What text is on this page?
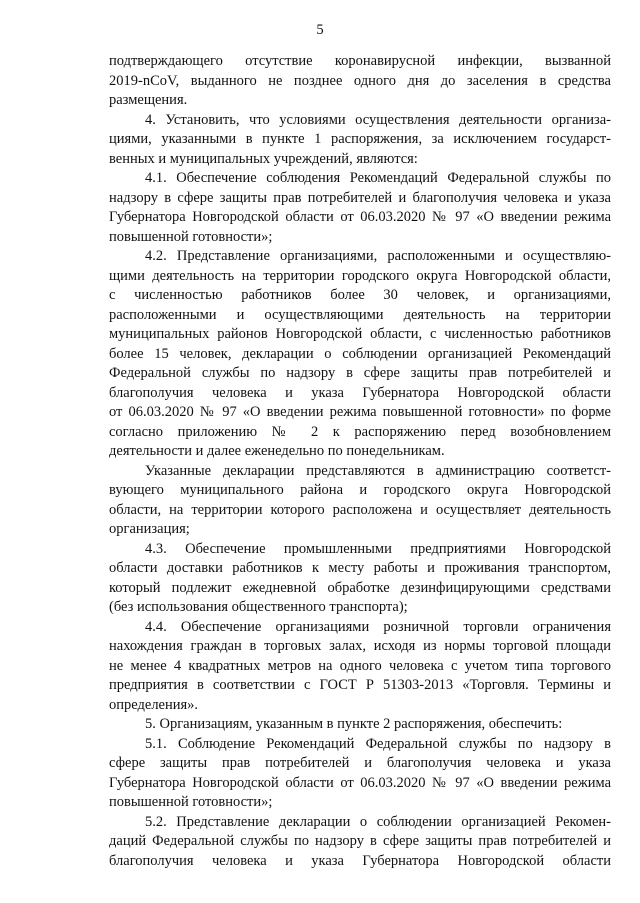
5
подтверждающего отсутствие коронавирусной инфекции, вызванной
2019-nCoV, выданного не позднее одного дня до заселения в средства
размещения.
4. Установить, что условиями осуществления деятельности организа-
циями, указанными в пункте 1 распоряжения, за исключением государст-
венных и муниципальных учреждений, являются:
4.1. Обеспечение соблюдения Рекомендаций Федеральной службы по
надзору в сфере защиты прав потребителей и благополучия человека и указа
Губернатора Новгородской области от 06.03.2020 № 97 «О введении режима
повышенной готовности»;
4.2. Представление организациями, расположенными и осуществляю-
щими деятельность на территории городского округа Новгородской области,
с численностью работников более 30 человек, и организациями,
расположенными и осуществляющими деятельность на территории
муниципальных районов Новгородской области, с численностью работников
более 15 человек, декларации о соблюдении организацией Рекомендаций
Федеральной службы по надзору в сфере защиты прав потребителей и
благополучия человека и указа Губернатора Новгородской области
от 06.03.2020 № 97 «О введении режима повышенной готовности» по форме
согласно приложению № 2 к распоряжению перед возобновлением
деятельности и далее еженедельно по понедельникам.
Указанные декларации представляются в администрацию соответст-
вующего муниципального района и городского округа Новгородской
области, на территории которого расположена и осуществляет деятельность
организация;
4.3. Обеспечение промышленными предприятиями Новгородской
области доставки работников к месту работы и проживания транспортом,
который подлежит ежедневной обработке дезинфицирующими средствами
(без использования общественного транспорта);
4.4. Обеспечение организациями розничной торговли ограничения
нахождения граждан в торговых залах, исходя из нормы торговой площади
не менее 4 квадратных метров на одного человека с учетом типа торгового
предприятия в соответствии с ГОСТ Р 51303-2013 «Торговля. Термины и
определения».
5. Организациям, указанным в пункте 2 распоряжения, обеспечить:
5.1. Соблюдение Рекомендаций Федеральной службы по надзору в
сфере защиты прав потребителей и благополучия человека и указа
Губернатора Новгородской области от 06.03.2020 № 97 «О введении режима
повышенной готовности»;
5.2. Представление декларации о соблюдении организацией Рекомен-
даций Федеральной службы по надзору в сфере защиты прав потребителей и
благополучия человека и указа Губернатора Новгородской области
